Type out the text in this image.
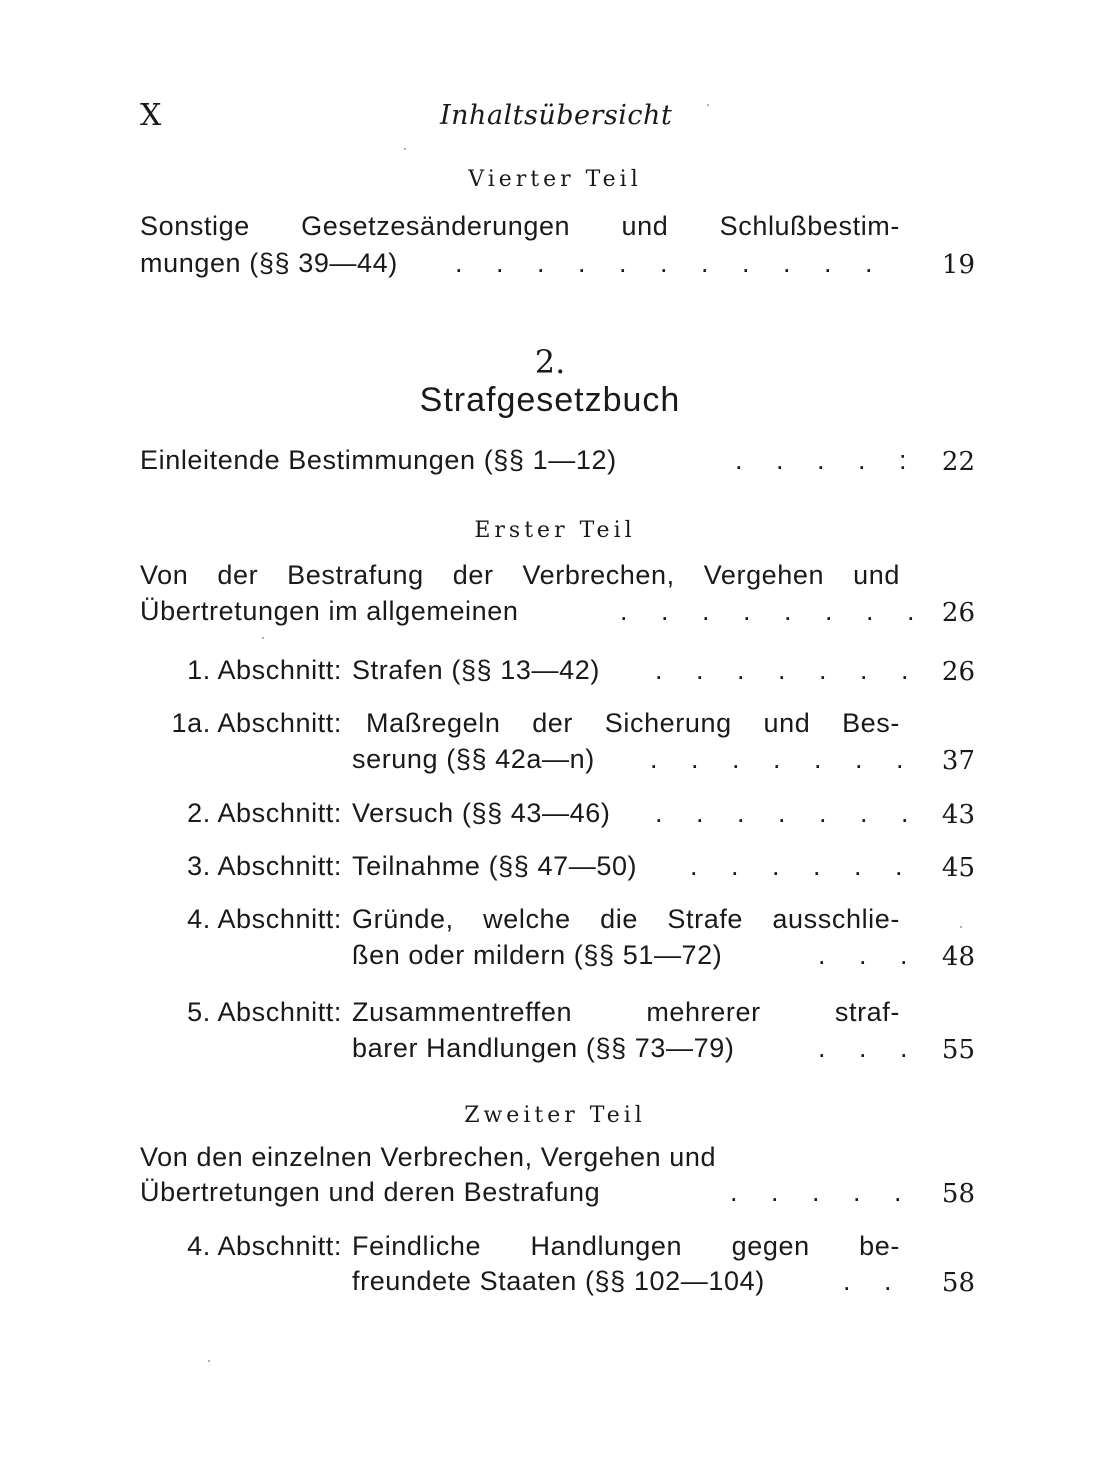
X	Inhaltsübersicht
Vierter Teil
Sonstige Gesetzesänderungen und Schlußbestim-
mungen (§§ 39—44) . . . . . . . . . . .	19
2.
Strafgesetzbuch
Einleitende Bestimmungen (§§ 1—12)	. . . . : 22
Erster Teil
Von der Bestrafung der Verbrechen, Vergehen und
Übertretungen im allgemeinen	. . . . . . . . 26
1. Abschnitt: Strafen (§§ 13—42) . . . . . . . 26
1a. Abschnitt: Maßregeln der Sicherung und Bes-
serung (§§ 42a—n) . . . . . . . 37
2. Abschnitt: Versuch (§§ 43—46) . . . . . . . 43
3. Abschnitt: Teilnahme (§§ 47—50) . . . . . .	45
4. Abschnitt: Gründe, welche die Strafe ausschlie-
ßen oder mildern (§§ 51—72)	. . . 48
5. Abschnitt: Zusammentreffen mehrerer straf-
barer Handlungen (§§ 73—79)	. . . 55
Zweiter Teil
Von den einzelnen Verbrechen, Vergehen und
Übertretungen und deren Bestrafung	. . . . .	58
4. Abschnitt: Feindliche Handlungen gegen be-
freundete Staaten (§§ 102—104)	. .	58
